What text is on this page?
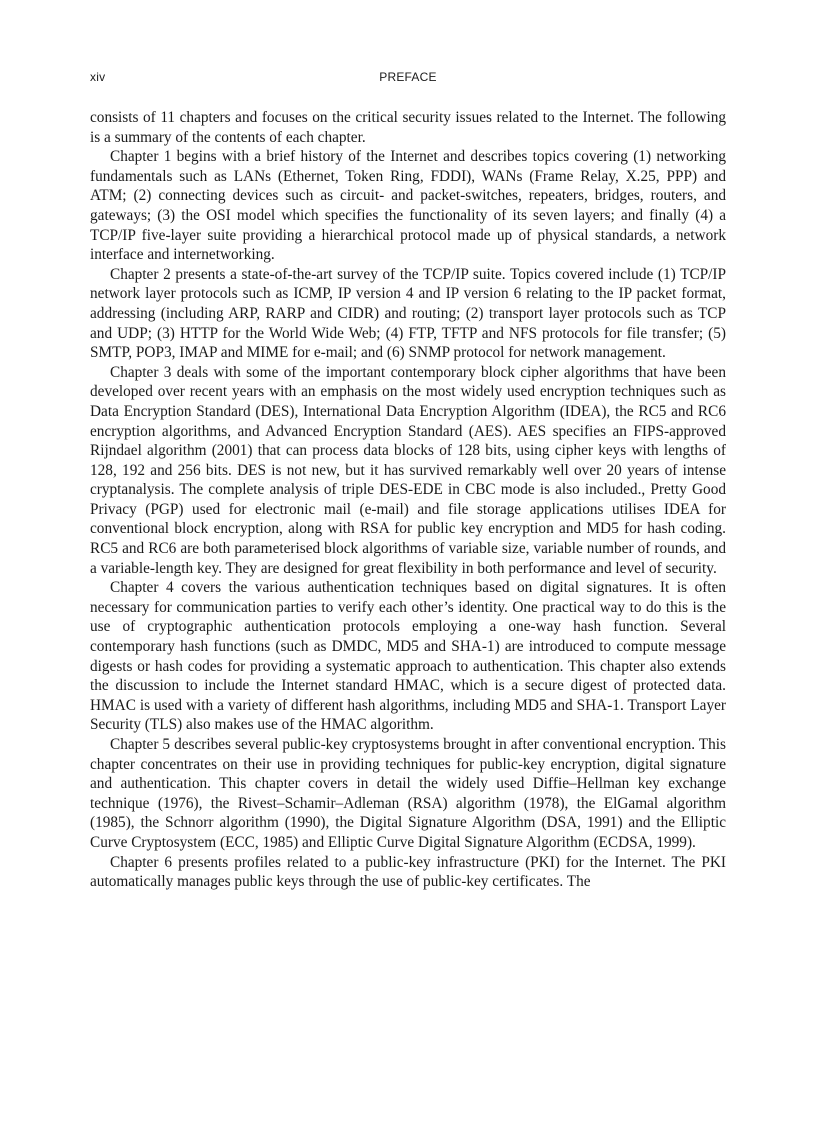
xiv	PREFACE

consists of 11 chapters and focuses on the critical security issues related to the Internet. The following is a summary of the contents of each chapter.

Chapter 1 begins with a brief history of the Internet and describes topics covering (1) networking fundamentals such as LANs (Ethernet, Token Ring, FDDI), WANs (Frame Relay, X.25, PPP) and ATM; (2) connecting devices such as circuit- and packet-switches, repeaters, bridges, routers, and gateways; (3) the OSI model which specifies the functionality of its seven layers; and finally (4) a TCP/IP five-layer suite providing a hierarchical protocol made up of physical standards, a network interface and internetworking.

Chapter 2 presents a state-of-the-art survey of the TCP/IP suite. Topics covered include (1) TCP/IP network layer protocols such as ICMP, IP version 4 and IP version 6 relating to the IP packet format, addressing (including ARP, RARP and CIDR) and routing; (2) transport layer protocols such as TCP and UDP; (3) HTTP for the World Wide Web; (4) FTP, TFTP and NFS protocols for file transfer; (5) SMTP, POP3, IMAP and MIME for e-mail; and (6) SNMP protocol for network management.

Chapter 3 deals with some of the important contemporary block cipher algorithms that have been developed over recent years with an emphasis on the most widely used encryption techniques such as Data Encryption Standard (DES), International Data Encryption Algorithm (IDEA), the RC5 and RC6 encryption algorithms, and Advanced Encryption Standard (AES). AES specifies an FIPS-approved Rijndael algorithm (2001) that can process data blocks of 128 bits, using cipher keys with lengths of 128, 192 and 256 bits. DES is not new, but it has survived remarkably well over 20 years of intense cryptanalysis. The complete analysis of triple DES-EDE in CBC mode is also included., Pretty Good Privacy (PGP) used for electronic mail (e-mail) and file storage applications utilises IDEA for conventional block encryption, along with RSA for public key encryption and MD5 for hash coding. RC5 and RC6 are both parameterised block algorithms of variable size, variable number of rounds, and a variable-length key. They are designed for great flexibility in both performance and level of security.

Chapter 4 covers the various authentication techniques based on digital signatures. It is often necessary for communication parties to verify each other’s identity. One practical way to do this is the use of cryptographic authentication protocols employing a one-way hash function. Several contemporary hash functions (such as DMDC, MD5 and SHA-1) are introduced to compute message digests or hash codes for providing a systematic approach to authentication. This chapter also extends the discussion to include the Internet standard HMAC, which is a secure digest of protected data. HMAC is used with a variety of different hash algorithms, including MD5 and SHA-1. Transport Layer Security (TLS) also makes use of the HMAC algorithm.

Chapter 5 describes several public-key cryptosystems brought in after conventional encryption. This chapter concentrates on their use in providing techniques for public-key encryption, digital signature and authentication. This chapter covers in detail the widely used Diffie–Hellman key exchange technique (1976), the Rivest–Schamir–Adleman (RSA) algorithm (1978), the ElGamal algorithm (1985), the Schnorr algorithm (1990), the Digital Signature Algorithm (DSA, 1991) and the Elliptic Curve Cryptosystem (ECC, 1985) and Elliptic Curve Digital Signature Algorithm (ECDSA, 1999).

Chapter 6 presents profiles related to a public-key infrastructure (PKI) for the Internet. The PKI automatically manages public keys through the use of public-key certificates. The
